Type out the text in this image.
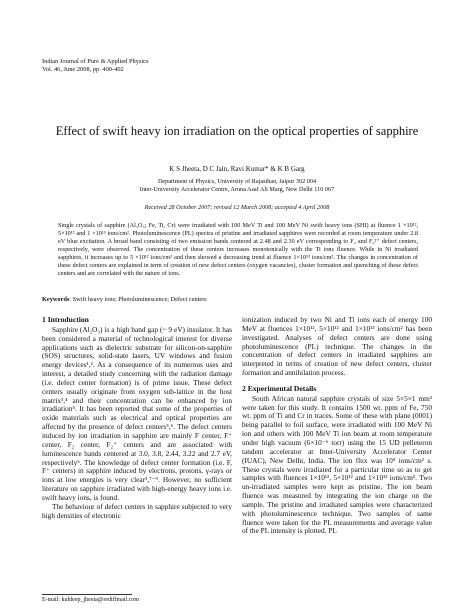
Indian Journal of Pure & Applied Physics
Vol. 46, June 2008, pp. 400-402
Effect of swift heavy ion irradiation on the optical properties of sapphire
K S Jheeta, D C Jain, Ravi Kumar* & K B Garg
Department of Physics, University of Rajasthan, Jaipur 302 004
Inter-University Accelerator Centre, Aruna Asaf Ali Marg, New Delhi 110 067
Received 28 October 2007; revised 12 March 2008; accepted 4 April 2008
Single crystals of sapphire (Al₂O₃; Fe, Ti, Cr) were irradiated with 100 MeV Ti and 100 MeV Ni swift heavy ions (SHI) at fluence 1 ×10¹², 5×10¹² and 1 ×10¹³ ions/cm². Photoluminescence (PL) spectra of pristine and irradiated sapphires were recorded at room temperature under 2.8 eV blue excitation. A broad band consisting of two emission bands centered at 2.48 and 2.30 eV corresponding to F₂ and F₂²⁺ defect centers, respectively, were observed. The concentration of these centers increases monotonically with the Ti ions fluence. While in Ni irradiated sapphires, it increases up to 5 ×10¹² ions/cm² and then showed a decreasing trend at fluence 1×10¹³ ions/cm². The changes in concentration of these defect centers are explained in term of creation of new defect centers (oxygen vacancies), cluster formation and quenching of these defect centers and are correlated with the nature of ions.
Keywords: Swift heavy ions; Photoluminescence; Defect centers
1 Introduction
Sapphire (Al₂O₃) is a high band gap (~ 9 eV) insulator. It has been considered a material of technological interest for diverse applications such as dielectric substrate for silicon-on-sapphire (SOS) structures, solid-state lasers, UV windows and fusion energy devices¹,². As a consequence of its numerous uses and interest, a detailed study concerning with the radiation damage (i.e. defect center formation) is of prime issue. These defect centers usually originate from oxygen sub-lattice in the host matrix³,⁴ and their concentration can be enhanced by ion irradiation⁵. It has been reported that some of the properties of oxide materials such as electrical and optical properties are affected by the presence of defect centers⁵,⁶. The defect centers induced by ion irradiation in sapphire are mainly F center, F⁺ center, F₂ center, F₂⁺ centers and are associated with luminescence bands centered at 3.0, 3.8, 2.44, 3.22 and 2.7 eV, respectively⁵. The knowledge of defect center formation (i.e. F, F⁺ centers) in sapphire induced by electrons, protons, γ-rays or ions at low energies is very clear³,⁷⁻⁹. However, no sufficient literature on sapphire irradiated with high-energy heavy ions i.e. swift heavy ions, is found.
The behaviour of defect centers in sapphire subjected to very high densities of electronic
ionization induced by two Ni and Ti ions each of energy 100 MeV at fluences 1×10¹², 5×10¹² and 1×10¹³ ions/cm² has been investigated. Analyses of defect centers are done using photoluminescence (PL) technique. The changes in the concentration of defect centers in irradiated sapphires are interpreted in terms of creation of new defect centers, cluster formation and annihilation process.
2 Experimental Details
South African natural sapphire crystals of size 5×5×1 mm³ were taken for this study. It contains 1500 wt. ppm of Fe, 750 wt. ppm of Ti and Cr in traces. Some of these with plane (0001) being parallel to foil surface, were irradiated with 100 MeV Ni ion and others with 100 MeV Ti ion beam at room temperature under high vacuum (6×10⁻⁶ torr) using the 15 UD pelleteron tandem accelerator at Inter-University Accelerator Center (IUAC), New Delhi, India. The ion flux was 10⁹ ions/cm² s. These crystals were irradiated for a particular time so as to get samples with fluences 1×10¹², 5×10¹² and 1×10¹³ ions/cm². Two un-irradiated samples were kept as pristine. The ion beam fluence was measured by integrating the ion charge on the sample. The pristine and irradiated samples were characterized with photoluminescence technique. Two samples of same fluence were taken for the PL measurements and average value of the PL intensity is plotted. PL
E-mail: kuldeep_jheeta@rediffmail.com
